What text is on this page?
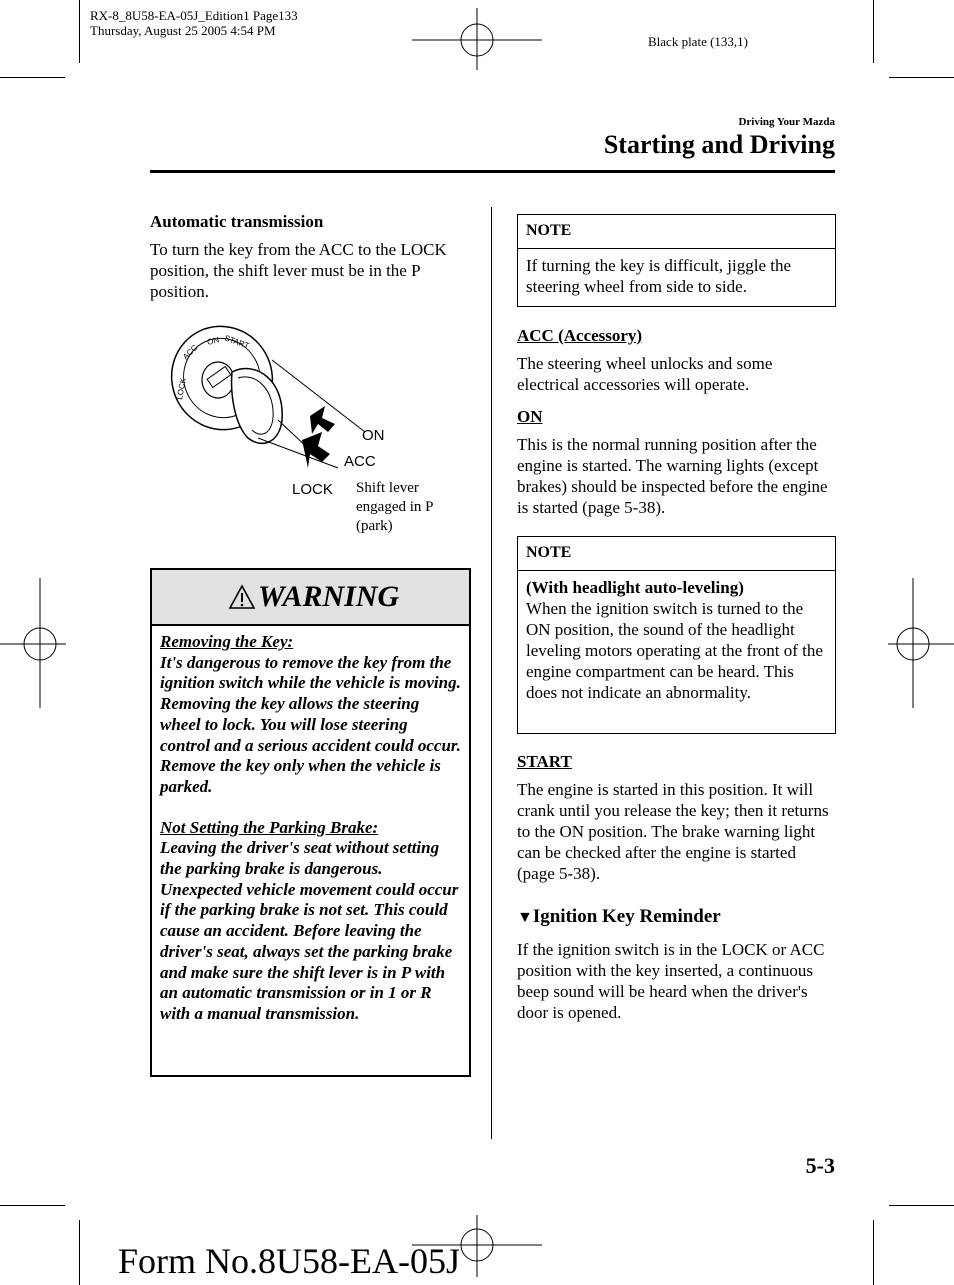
RX-8_8U58-EA-05J_Edition1 Page133
Thursday, August 25 2005 4:54 PM
Black plate (133,1)
Driving Your Mazda
Starting and Driving
Automatic transmission
To turn the key from the ACC to the LOCK position, the shift lever must be in the P position.
LOCK
ACC
ON START
ON
ACC
LOCK Shift lever
engaged in P
(park)
WARNING
Removing the Key:
It's dangerous to remove the key from the ignition switch while the vehicle is moving. Removing the key allows the steering wheel to lock. You will lose steering control and a serious accident could occur.
Remove the key only when the vehicle is parked.
Not Setting the Parking Brake:
Leaving the driver's seat without setting the parking brake is dangerous. Unexpected vehicle movement could occur if the parking brake is not set. This could cause an accident. Before leaving the driver's seat, always set the parking brake and make sure the shift lever is in P with an automatic transmission or in 1 or R with a manual transmission.
NOTE
If turning the key is difficult, jiggle the steering wheel from side to side.
ACC (Accessory)
The steering wheel unlocks and some electrical accessories will operate.
ON
This is the normal running position after the engine is started. The warning lights (except brakes) should be inspected before the engine is started (page 5-38).
NOTE
(With headlight auto-leveling)
When the ignition switch is turned to the ON position, the sound of the headlight leveling motors operating at the front of the engine compartment can be heard. This does not indicate an abnormality.
START
The engine is started in this position. It will crank until you release the key; then it returns to the ON position. The brake warning light can be checked after the engine is started (page 5-38).
▼Ignition Key Reminder
If the ignition switch is in the LOCK or ACC position with the key inserted, a continuous beep sound will be heard when the driver's door is opened.
5-3
Form No.8U58-EA-05J
